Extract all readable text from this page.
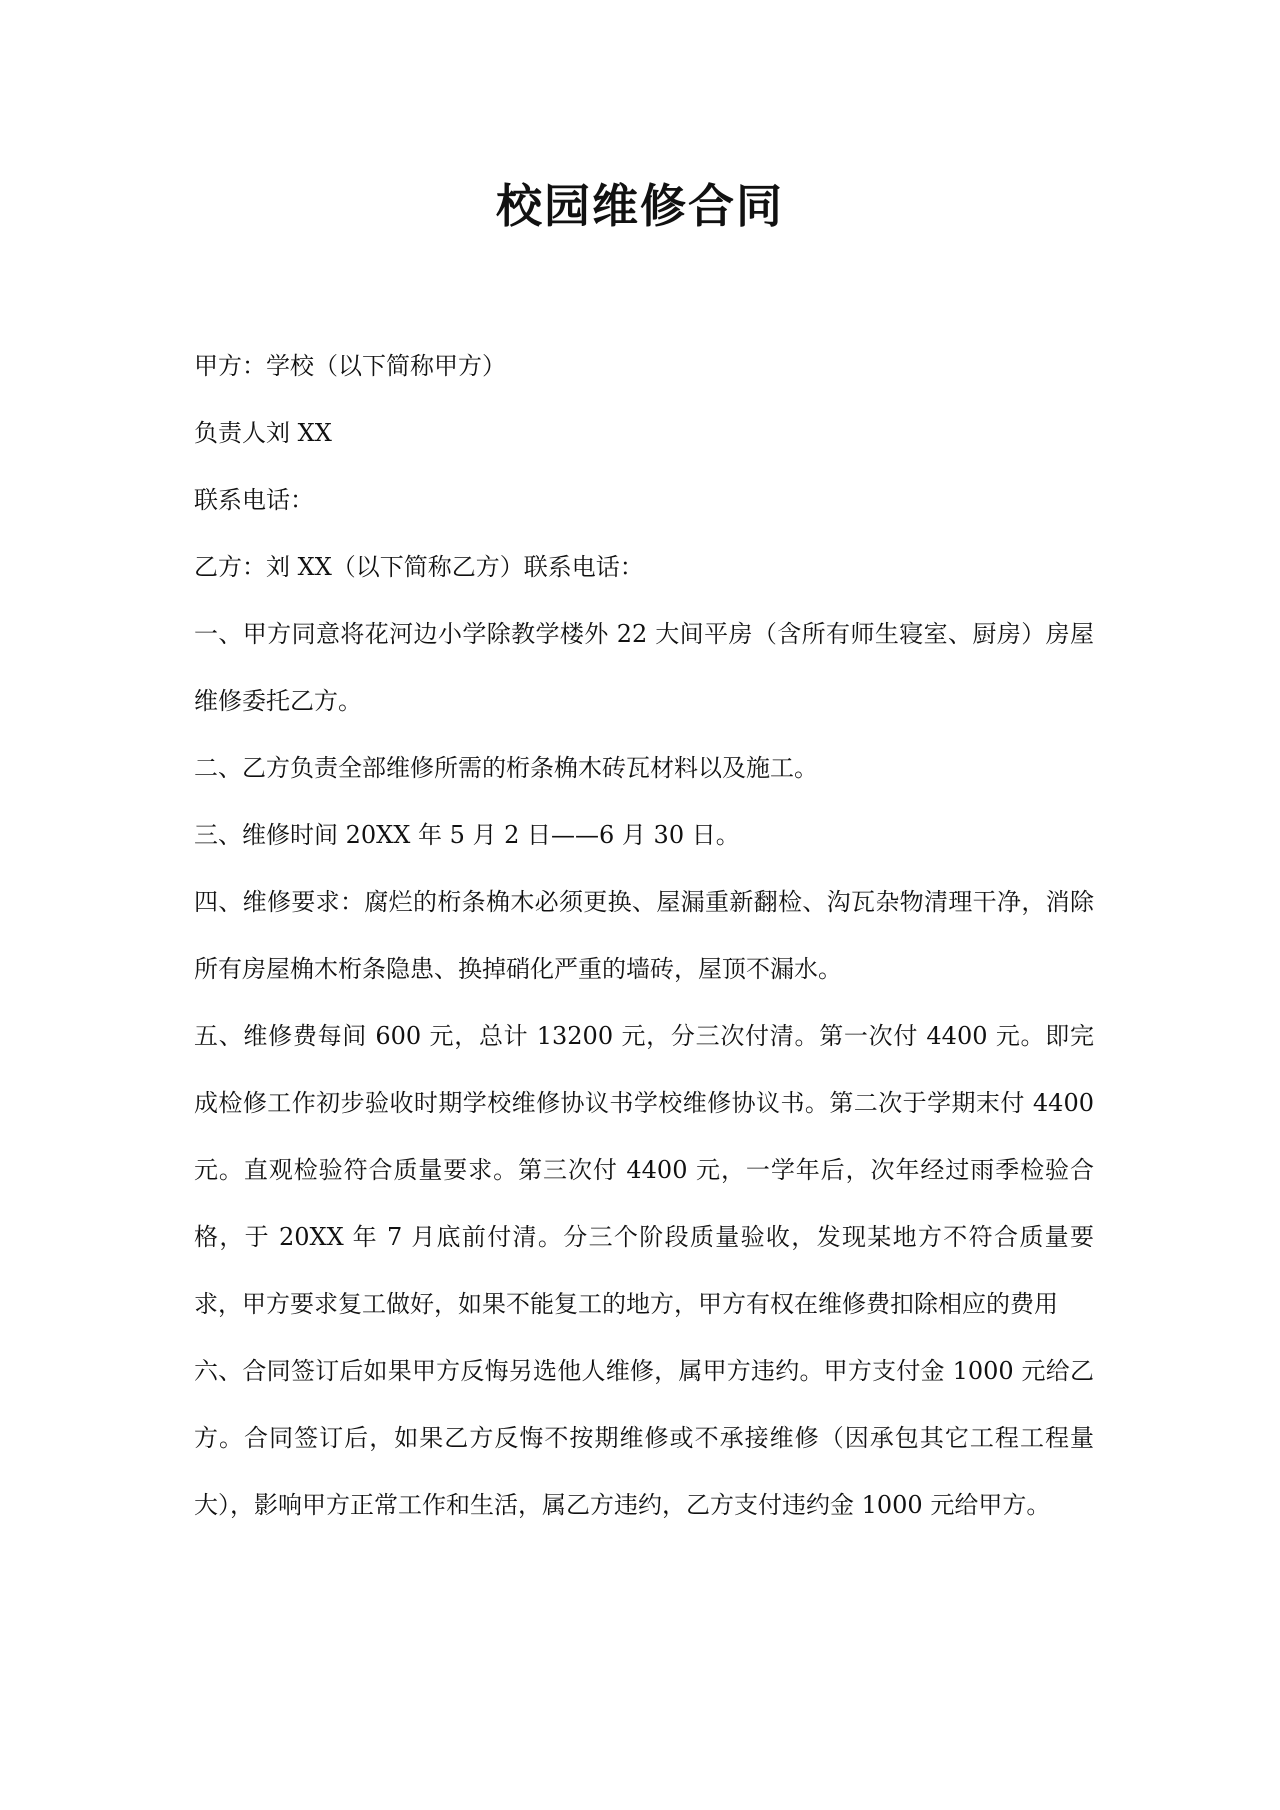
校园维修合同

甲方：学校（以下简称甲方）

负责人刘 XX

联系电话：

乙方：刘 XX（以下简称乙方）联系电话：

一、甲方同意将花河边小学除教学楼外 22 大间平房（含所有师生寝室、厨房）房屋维修委托乙方。

二、乙方负责全部维修所需的桁条桷木砖瓦材料以及施工。

三、维修时间 20XX 年 5 月 2 日——6 月 30 日。

四、维修要求：腐烂的桁条桷木必须更换、屋漏重新翻检、沟瓦杂物清理干净，消除所有房屋桷木桁条隐患、换掉硝化严重的墙砖，屋顶不漏水。

五、维修费每间 600 元，总计 13200 元，分三次付清。第一次付 4400 元。即完成检修工作初步验收时期学校维修协议书学校维修协议书。第二次于学期末付 4400 元。直观检验符合质量要求。第三次付 4400 元，一学年后，次年经过雨季检验合格，于 20XX 年 7 月底前付清。分三个阶段质量验收，发现某地方不符合质量要求，甲方要求复工做好，如果不能复工的地方，甲方有权在维修费扣除相应的费用

六、合同签订后如果甲方反悔另选他人维修，属甲方违约。甲方支付金 1000 元给乙方。合同签订后，如果乙方反悔不按期维修或不承接维修（因承包其它工程工程量大），影响甲方正常工作和生活，属乙方违约，乙方支付违约金 1000 元给甲方。
